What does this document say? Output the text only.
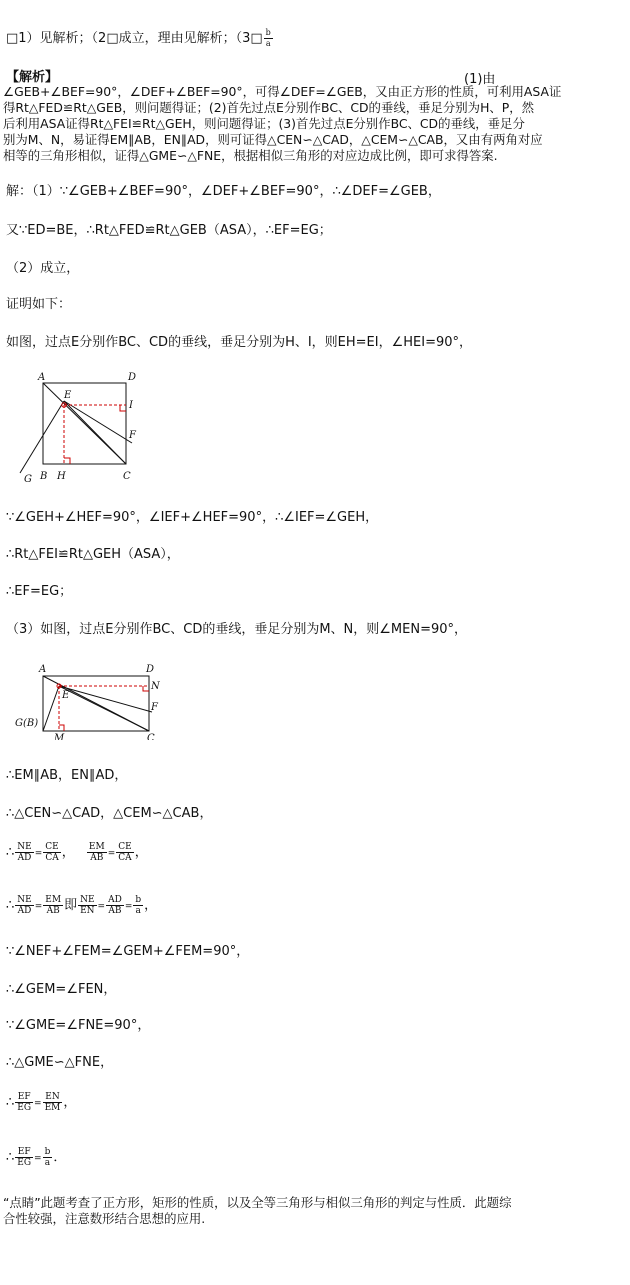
□1）见解析；（2□成立，理由见解析；（3□ $\frac{b}{a}$
【解析】	(1)由
∠GEB+∠BEF=90°，∠DEF+∠BEF=90°，可得∠DEF=∠GEB，又由正方形的性质，可利用ASA证
得Rt△FED≌Rt△GEB，则问题得证；(2)首先过点E分别作BC、CD的垂线，垂足分别为H、P，然
后利用ASA证得Rt△FEI≌Rt△GEH，则问题得证；(3)首先过点E分别作BC、CD的垂线，垂足分
别为M、N，易证得EM∥AB，EN∥AD，则可证得△CEN∽△CAD，△CEM∽△CAB，又由有两角对应
相等的三角形相似，证得△GME∽△FNE，根据相似三角形的对应边成比例，即可求得答案.
解：（1）∵∠GEB+∠BEF=90°，∠DEF+∠BEF=90°，∴∠DEF=∠GEB，
又∵ED=BE，∴Rt△FED≌Rt△GEB（ASA），∴EF=EG；
（2）成立，
证明如下：
如图，过点E分别作BC、CD的垂线，垂足分别为H、I，则EH=EI，∠HEI=90°，
A	D
E
I
F
G B H	C
∵∠GEH+∠HEF=90°，∠IEF+∠HEF=90°，∴∠IEF=∠GEH，
∴Rt△FEI≌Rt△GEH（ASA），
∴EF=EG；
（3）如图，过点E分别作BC、CD的垂线，垂足分别为M、N，则∠MEN=90°，
A	D
N
E
F
G(B)
M	C
∴EM∥AB，EN∥AD，
∴△CEN∽△CAD，△CEM∽△CAB，
∴ $\frac{NE}{AD} = \frac{CE}{CA}$ ， $\frac{EM}{AB} = \frac{CE}{CA}$ ，
∴ $\frac{NE}{AD} = \frac{EM}{AB}$ 即 $\frac{NE}{EN} = \frac{AD}{AB} = \frac{b}{a}$ ，
∵∠NEF+∠FEM=∠GEM+∠FEM=90°，
∴∠GEM=∠FEN，
∵∠GME=∠FNE=90°，
∴△GME∽△FNE，
∴ $\frac{EF}{EG} = \frac{EN}{EM}$ ，
∴ $\frac{EF}{EG} = \frac{b}{a}$ ．
“点睛”此题考查了正方形，矩形的性质，以及全等三角形与相似三角形的判定与性质．此题综
合性较强，注意数形结合思想的应用.
